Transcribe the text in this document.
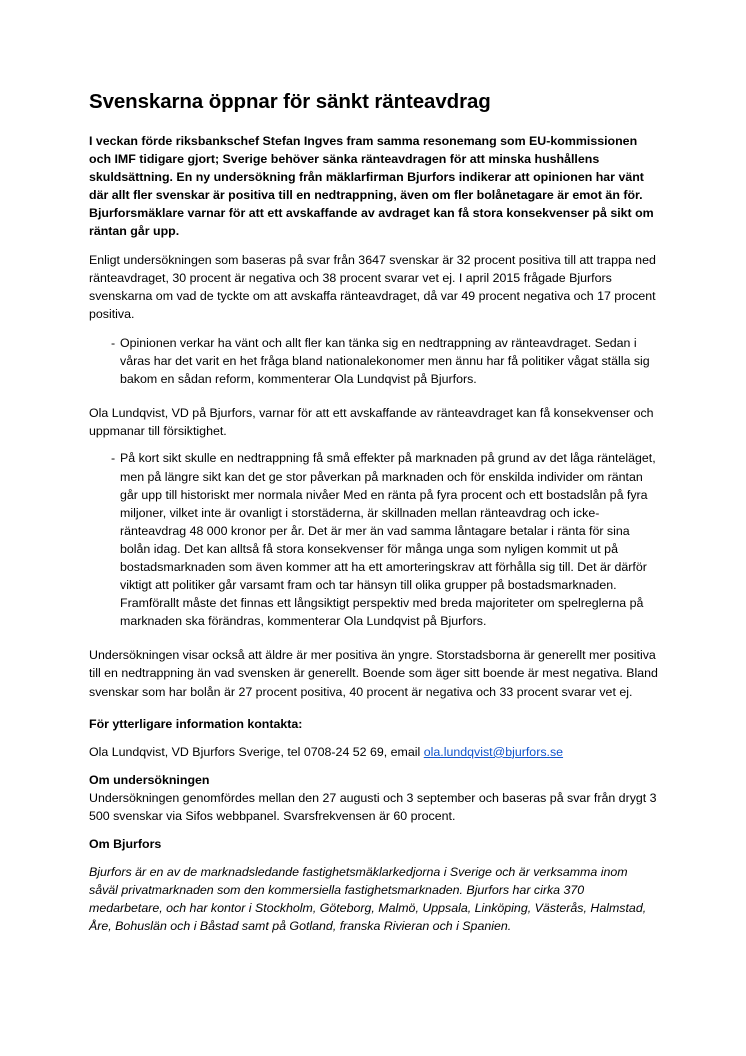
Svenskarna öppnar för sänkt ränteavdrag

I veckan förde riksbankschef Stefan Ingves fram samma resonemang som EU-kommissionen och IMF tidigare gjort; Sverige behöver sänka ränteavdragen för att minska hushållens skuldsättning. En ny undersökning från mäklarfirman Bjurfors indikerar att opinionen har vänt där allt fler svenskar är positiva till en nedtrappning, även om fler bolånetagare är emot än för. Bjurforsmäklare varnar för att ett avskaffande av avdraget kan få stora konsekvenser på sikt om räntan går upp.

Enligt undersökningen som baseras på svar från 3647 svenskar är 32 procent positiva till att trappa ned ränteavdraget, 30 procent är negativa och 38 procent svarar vet ej. I april 2015 frågade Bjurfors svenskarna om vad de tyckte om att avskaffa ränteavdraget, då var 49 procent negativa och 17 procent positiva.

- Opinionen verkar ha vänt och allt fler kan tänka sig en nedtrappning av ränteavdraget. Sedan i våras har det varit en het fråga bland nationalekonomer men ännu har få politiker vågat ställa sig bakom en sådan reform, kommenterar Ola Lundqvist på Bjurfors.

Ola Lundqvist, VD på Bjurfors, varnar för att ett avskaffande av ränteavdraget kan få konsekvenser och uppmanar till försiktighet.

- På kort sikt skulle en nedtrappning få små effekter på marknaden på grund av det låga ränteläget, men på längre sikt kan det ge stor påverkan på marknaden och för enskilda individer om räntan går upp till historiskt mer normala nivåer Med en ränta på fyra procent och ett bostadslån på fyra miljoner, vilket inte är ovanligt i storstäderna, är skillnaden mellan ränteavdrag och icke-ränteavdrag 48 000 kronor per år. Det är mer än vad samma låntagare betalar i ränta för sina bolån idag. Det kan alltså få stora konsekvenser för många unga som nyligen kommit ut på bostadsmarknaden som även kommer att ha ett amorteringskrav att förhålla sig till. Det är därför viktigt att politiker går varsamt fram och tar hänsyn till olika grupper på bostadsmarknaden. Framförallt måste det finnas ett långsiktigt perspektiv med breda majoriteter om spelreglerna på marknaden ska förändras, kommenterar Ola Lundqvist på Bjurfors.

Undersökningen visar också att äldre är mer positiva än yngre. Storstadsborna är generellt mer positiva till en nedtrappning än vad svensken är generellt. Boende som äger sitt boende är mest negativa. Bland svenskar som har bolån är 27 procent positiva, 40 procent är negativa och 33 procent svarar vet ej.

För ytterligare information kontakta:

Ola Lundqvist, VD Bjurfors Sverige, tel 0708-24 52 69, email ola.lundqvist@bjurfors.se

Om undersökningen

Undersökningen genomfördes mellan den 27 augusti och 3 september och baseras på svar från drygt 3 500 svenskar via Sifos webbpanel. Svarsfrekvensen är 60 procent.

Om Bjurfors

Bjurfors är en av de marknadsledande fastighetsmäklarkedjorna i Sverige och är verksamma inom såväl privatmarknaden som den kommersiella fastighetsmarknaden. Bjurfors har cirka 370 medarbetare, och har kontor i Stockholm, Göteborg, Malmö, Uppsala, Linköping, Västerås, Halmstad, Åre, Bohuslän och i Båstad samt på Gotland, franska Rivieran och i Spanien.
